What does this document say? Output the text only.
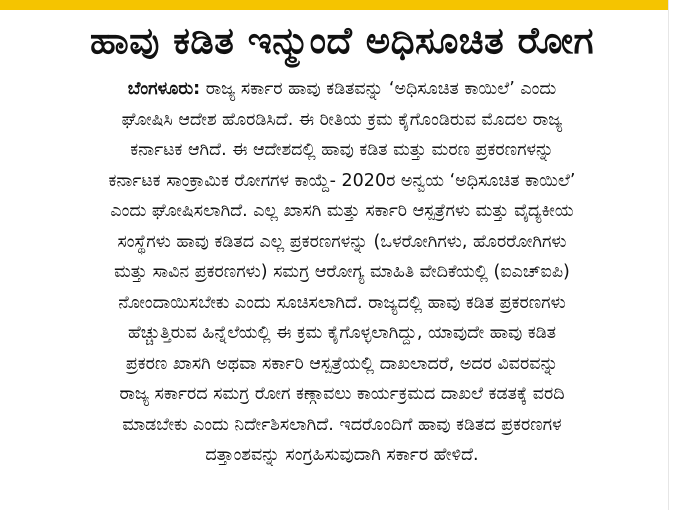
ಹಾವು ಕಡಿತ ಇನ್ಮುಂದೆ ಅಧಿಸೂಚಿತ ರೋಗ
ಬೆಂಗಳೂರು: ರಾಜ್ಯ ಸರ್ಕಾರ ಹಾವು ಕಡಿತವನ್ನು ‘ಅಧಿಸೂಚಿತ ಕಾಯಿಲೆ’ ಎಂದು
ಘೋಷಿಸಿ ಆದೇಶ ಹೊರಡಿಸಿದೆ. ಈ ರೀತಿಯ ಕ್ರಮ ಕೈಗೊಂಡಿರುವ ಮೊದಲ ರಾಜ್ಯ
ಕರ್ನಾಟಕ ಆಗಿದೆ. ಈ ಆದೇಶದಲ್ಲಿ ಹಾವು ಕಡಿತ ಮತ್ತು ಮರಣ ಪ್ರಕರಣಗಳನ್ನು
ಕರ್ನಾಟಕ ಸಾಂಕ್ರಾಮಿಕ ರೋಗಗಳ ಕಾಯ್ದೆ- 2020ರ ಅನ್ವಯ ‘ಅಧಿಸೂಚಿತ ಕಾಯಿಲೆ’
ಎಂದು ಘೋಷಿಸಲಾಗಿದೆ. ಎಲ್ಲ ಖಾಸಗಿ ಮತ್ತು ಸರ್ಕಾರಿ ಆಸ್ಪತ್ರೆಗಳು ಮತ್ತು ವೈದ್ಯಕೀಯ
ಸಂಸ್ಥೆಗಳು ಹಾವು ಕಡಿತದ ಎಲ್ಲ ಪ್ರಕರಣಗಳನ್ನು (ಒಳರೋಗಿಗಳು, ಹೊರರೋಗಿಗಳು
ಮತ್ತು ಸಾವಿನ ಪ್ರಕರಣಗಳು) ಸಮಗ್ರ ಆರೋಗ್ಯ ಮಾಹಿತಿ ವೇದಿಕೆಯಲ್ಲಿ (ಐಎಚ್‌ಐಪಿ)
ನೋಂದಾಯಿಸಬೇಕು ಎಂದು ಸೂಚಿಸಲಾಗಿದೆ. ರಾಜ್ಯದಲ್ಲಿ ಹಾವು ಕಡಿತ ಪ್ರಕರಣಗಳು
ಹೆಚ್ಚುತ್ತಿರುವ ಹಿನ್ನೆಲೆಯಲ್ಲಿ ಈ ಕ್ರಮ ಕೈಗೊಳ್ಳಲಾಗಿದ್ದು, ಯಾವುದೇ ಹಾವು ಕಡಿತ
ಪ್ರಕರಣ ಖಾಸಗಿ ಅಥವಾ ಸರ್ಕಾರಿ ಆಸ್ಪತ್ರೆಯಲ್ಲಿ ದಾಖಲಾದರೆ, ಅದರ ವಿವರವನ್ನು
ರಾಜ್ಯ ಸರ್ಕಾರದ ಸಮಗ್ರ ರೋಗ ಕಣ್ಗಾವಲು ಕಾರ್ಯಕ್ರಮದ ದಾಖಲೆ ಕಡತಕ್ಕೆ ವರದಿ
ಮಾಡಬೇಕು ಎಂದು ನಿರ್ದೇಶಿಸಲಾಗಿದೆ. ಇದರೊಂದಿಗೆ ಹಾವು ಕಡಿತದ ಪ್ರಕರಣಗಳ
ದತ್ತಾಂಶವನ್ನು ಸಂಗ್ರಹಿಸುವುದಾಗಿ ಸರ್ಕಾರ ಹೇಳಿದೆ.
